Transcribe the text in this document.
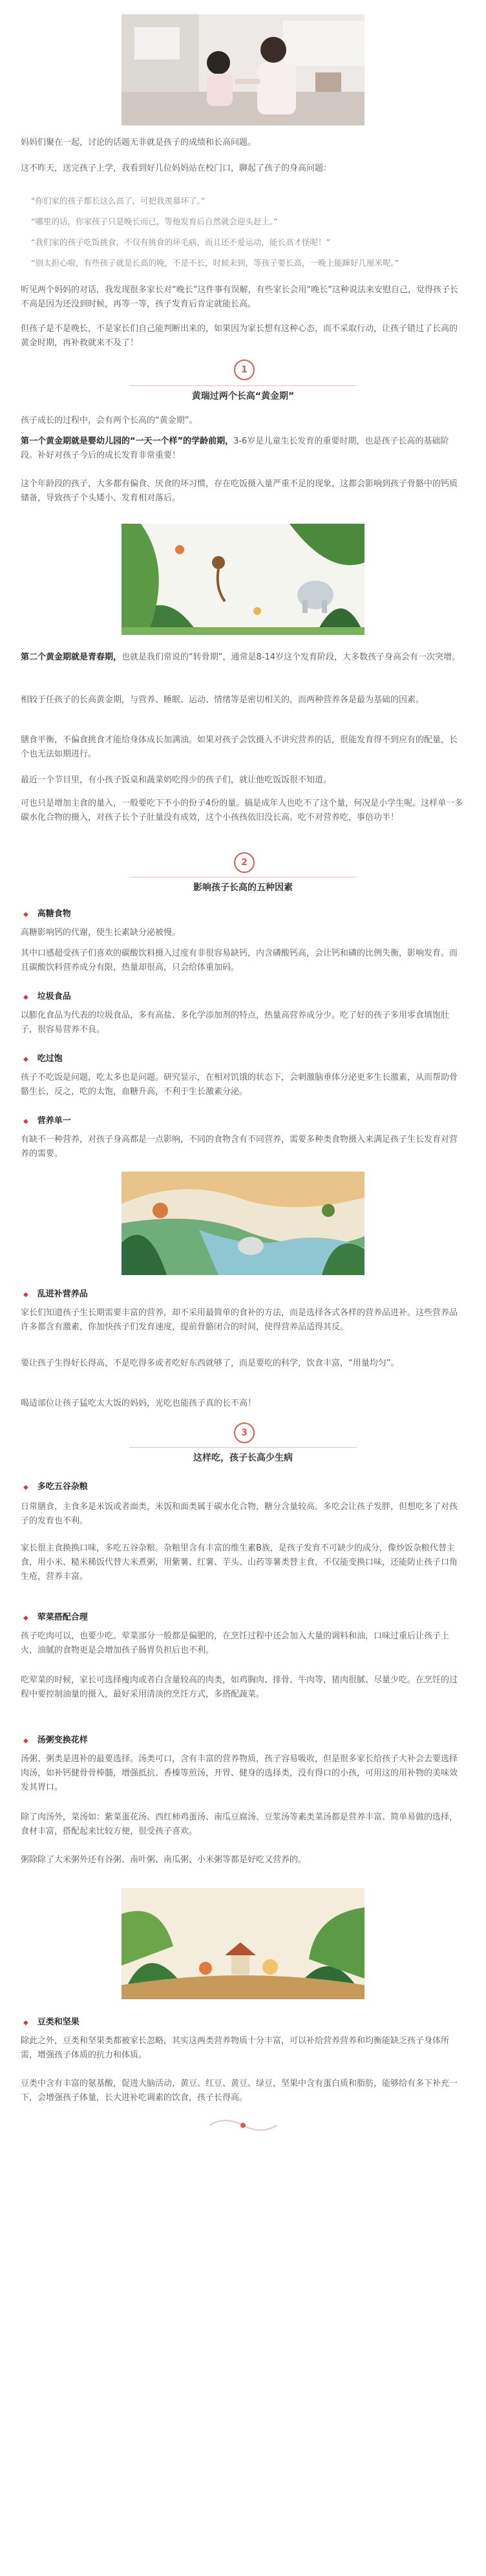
妈妈们聚在一起，讨论的话题无非就是孩子的成绩和长高问题。

这不昨天，送完孩子上学，我看到好几位妈妈站在校门口，聊起了孩子的身高问题：

“你们家的孩子都长这么高了，可把我羡慕坏了。”

“哪里的话，你家孩子只是晚长而已，等他发育后自然就会迎头赶上。”

“我们家的孩子吃饭挑食，不仅有挑食的坏毛病，而且还不爱运动，能长高才怪呢！”

“别太担心啦，有些孩子就是长高的晚，不是不长，时候未到，等孩子要长高，一晚上能蹿好几厘米呢。”

听见两个妈妈的对话，我发现很多家长对“晚长”这件事有误解，有些家长会用“晚长”这种说法来安慰自己，觉得孩子长不高是因为还没到时候，再等一等，孩子发育后肯定就能长高。

但孩子是不是晚长，不是家长们自己能判断出来的，如果因为家长想有这种心态，而不采取行动，让孩子错过了长高的黄金时期，再补救就来不及了！

1
黄瑞过两个长高“黄金期”

孩子成长的过程中，会有两个长高的“黄金期”。

第一个黄金期就是婴幼儿园的“一天一个样”的学龄前期，3-6岁是儿童生长发育的重要时期，也是孩子长高的基础阶段。补好对孩子今后的成长发育非常重要！

这个年龄段的孩子，大多都有偏食、厌食的坏习惯，存在吃饭摄入量严重不足的现象，这都会影响到孩子骨骼中的钙质储备，导致孩子个头矮小、发育相对落后。

第二个黄金期就是青春期，也就是我们常说的“转骨期”，通常是8-14岁这个发育阶段，大多数孩子身高会有一次突增。

相较于任孩子的长高黄金期，与营养、睡眠、运动、情绪等是密切相关的，而两种营养各是最为基础的因素。

膳食平衡，不偏食挑食才能给身体成长加满油。如果对孩子会饮摄入不讲究营养的话，很能发育得不到应有的配量，长个也无法如期进行。

最近一个节目里，有小孩子饭桌和蔬菜奶吃得少的孩子们，就让他吃饭饭很不知道。

可也只是增加主食的量入，一般要吃下不小的份子4份的量。搞是成年人也吃不了这个量，何况是小学生呢。这样单一多碳水化合物的摄入，对孩子长个子肚量没有成效，这个小孩孩依旧没长高。吃不对营养吃，事倍功半！

2
影响孩子长高的五种因素
◆ 高糖食物

高糖影响钙的代谢，使生长素缺分泌被慢。

其中口感超受孩子们喜欢的碳酸饮料摄入过度有非很容易缺钙，内含磷酸钙高，会让钙和磷的比例失衡，影响发育。而且碳酸饮料营养成分有限，热量却很高，只会给体重加码。

◆ 垃圾食品

以膨化食品为代表的垃圾食品，多有高盐、多化学添加剂的特点，热量高营养成分少。吃了好的孩子多用零食填饱肚子，很容易营养不良。

◆ 吃过饱

孩子不吃饭是问题，吃太多也是问题。研究显示，在相对饥饿的状态下，会刺激脑垂体分泌更多生长激素，从而帮助骨骼生长，反之，吃的太饱，血糖升高，不利于生长激素分泌。

◆ 营养单一

有缺不一种营养，对孩子身高都是一点影响，不同的食物含有不同营养，需要多种类食物摄入来满足孩子生长发育对营养的需要。

◆ 乱进补营养品

家长们知道孩子生长期需要丰富的营养，却不采用最简单的食补的方法，而是选择各式各样的营养品进补。这些营养品许多都含有激素，你加快孩子们发育速度，提前骨骼闭合的时间，使得营养品适得其反。

要让孩子生得好长得高，不是吃得多或者吃好东西就够了，而是要吃的科学，饮食丰富，“用量均匀”。

喝适部位让孩子猛吃太大饭的妈妈，光吃也能孩子真的长不高！

3
这样吃，孩子长高少生病
◆ 多吃五谷杂粮

日常膳食，主食多是米饭或者面类，米饭和面类属于碳水化合物，糖分含量较高。多吃会让孩子发胖，但想吃多了对孩子的发育也不利。

家长很主食换换口味，多吃五谷杂粮。杂粮里含有丰富的维生素B族，是孩子发育不可缺少的成分，像炒饭杂粮代替主食，用小米、糙米稀饭代替大米煮粥，用紫薯、红薯、芋头、山药等薯类替主食，不仅能变换口味，还能防止孩子口角生疮，营养丰富。

◆ 荤菜搭配合理

孩子吃肉可以，也要少吃。荤菜部分一般都是偏肥的，在烹饪过程中还会加入大量的调料和油，口味过重后让孩子上火，油腻的食物更是会增加孩子肠胃负担后也不利。

吃荤菜的时候，家长可选择瘦肉或者白含量较高的肉类，如鸡胸肉、排骨、牛肉等，猪肉很腻、尽量少吃。在烹饪的过程中要控制油量的摄入，最好采用清淡的烹饪方式，多搭配蔬菜。

◆ 汤粥变换花样

汤粥、粥类是进补的最要选择。汤类可口，含有丰富的营养物质，孩子容易吸收，但是很多家长给孩子大补会去要选择肉汤，如补钙健骨骨棒髓，增强抵抗、香榛等煎汤，开胃、健身的选择类，没有得口的小孩，可用这的用补物的美味效发其胃口。

除了肉汤外，菜汤如：紫菜蛋花汤、西红柿鸡蛋汤、南瓜豆腐汤、豆浆汤等素类菜汤都是营养丰富、简单易做的选择，食材丰富，搭配起来比较方便，很受孩子喜欢。

粥除除了大米粥外还有谷粥、南叶粥、南瓜粥、小米粥等都是好吃又营养的。

◆ 豆类和坚果

除此之外，豆类和坚果类都被家长忽略，其实这两类营养物质十分丰富，可以补给营养营养和均衡能缺乏孩子身体所需，增强孩子体质的抗力和体质。

豆类中含有丰富的氨基酸，促进大脑活动，黄豆、红豆、黄豆、绿豆，坚果中含有蛋白质和脂肪，能够给有多下补充一下，会增强孩子体量，长大进补吃调素的饮食，孩子长得高。
